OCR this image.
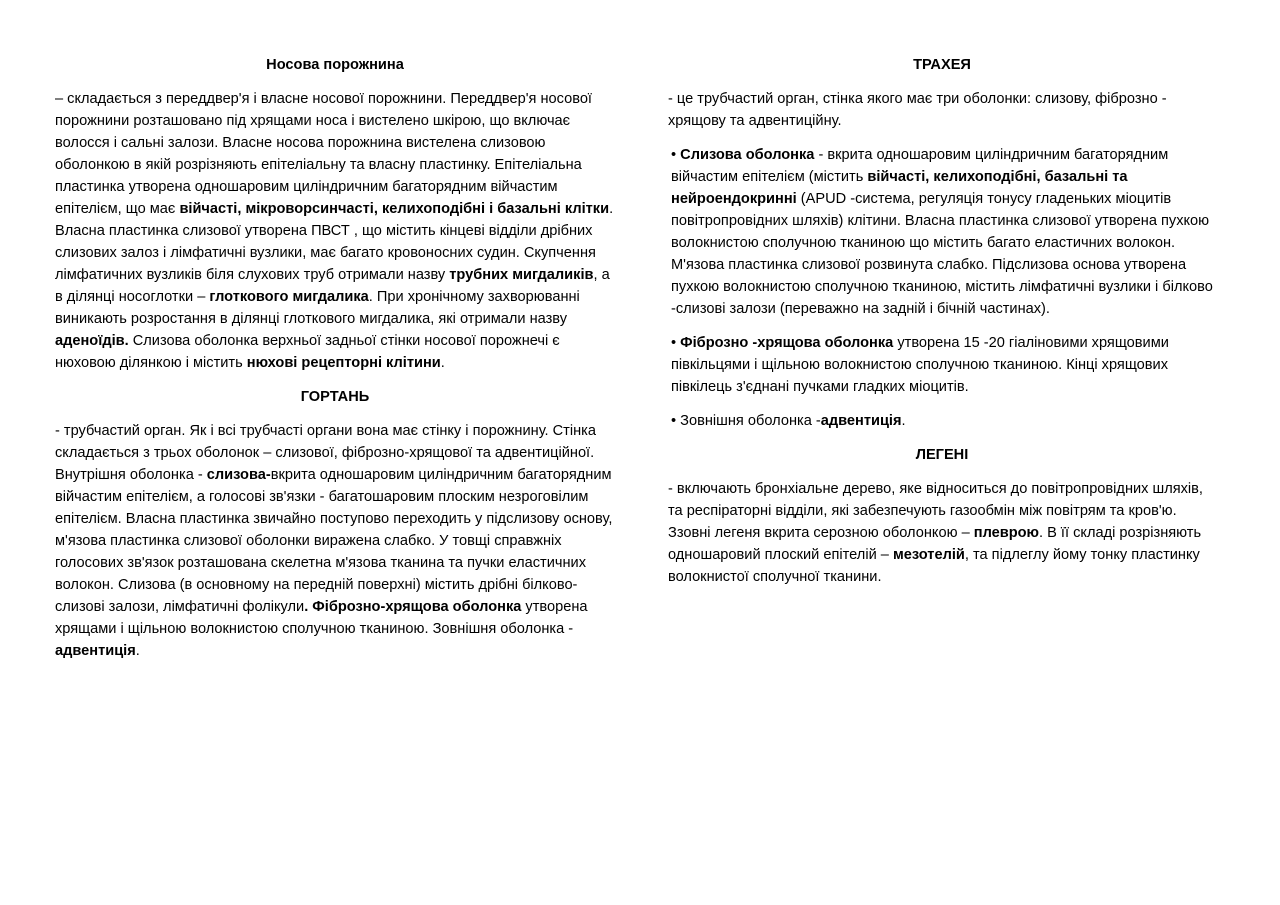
Носова порожнина
– складається з переддвер'я і власне носової порожнини. Переддвер'я носової порожнини розташовано під хрящами носа і вистелено шкірою, що включає волосся і сальні залози. Власне носова порожнина вистелена слизовою оболонкою в якій розрізняють епітеліальну та власну пластинку. Епітеліальна пластинка утворена одношаровим циліндричним багаторядним війчастим епітелієм, що має війчасті, мікроворсинчасті, келихоподібні і базальні клітки. Власна пластинка слизової утворена ПВСТ , що містить кінцеві відділи дрібних слизових залоз і лімфатичні вузлики, має багато кровоносних судин. Скупчення лімфатичних вузликів біля слухових труб отримали назву трубних мигдаликів, а в ділянці носоглотки – глоткового мигдалика. При хронічному захворюванні виникають розростання в ділянці глоткового мигдалика, які отримали назву аденоїдів. Слизова оболонка верхньої задньої стінки носової порожнечі є нюховою ділянкою і містить нюхові рецепторні клітини.
ГОРТАНЬ
- трубчастий орган. Як і всі трубчасті органи вона має стінку і порожнину. Стінка складається з трьох оболонок – слизової, фіброзно-хрящової та адвентиційної. Внутрішня оболонка - слизова-вкрита одношаровим циліндричним багаторядним війчастим епітелієм, а голосові зв'язки - багатошаровим плоским незроговілим епітелієм. Власна пластинка звичайно поступово переходить у підслизову основу, м'язова пластинка слизової оболонки виражена слабко. У товщі справжніх голосових зв'язок розташована скелетна м'язова тканина та пучки еластичних волокон. Слизова (в основному на передній поверхні) містить дрібні білково-слизові залози, лімфатичні фолікули. Фіброзно-хрящова оболонка утворена хрящами і щільною волокнистою сполучною тканиною. Зовнішня оболонка - адвентиція.
ТРАХЕЯ
- це трубчастий орган, стінка якого має три оболонки: слизову, фіброзно - хрящову та адвентиційну.
• Слизова оболонка - вкрита одношаровим циліндричним багаторядним війчастим епітелієм (містить війчасті, келихоподібні, базальні та нейроендокринні (APUD -система, регуляція тонусу гладеньких міоцитів повітропровідних шляхів) клітини. Власна пластинка слизової утворена пухкою волокнистою сполучною тканиною що містить багато еластичних волокон. М'язова пластинка слизової розвинута слабко. Підслизова основа утворена пухкою волокнистою сполучною тканиною, містить лімфатичні вузлики і білково -слизові залози (переважно на задній і бічній частинах).
• Фіброзно -хрящова оболонка утворена 15 -20 гіаліновими хрящовими півкільцями і щільною волокнистою сполучною тканиною. Кінці хрящових півкілець з'єднані пучками гладких міоцитів.
• Зовнішня оболонка -адвентиція.
ЛЕГЕНІ
- включають бронхіальне дерево, яке відноситься до повітропровідних шляхів, та респіраторні відділи, які забезпечують газообмін між повітрям та кров'ю. Ззовні легеня вкрита серозною оболонкою – плеврою. В її складі розрізняють одношаровий плоский епітелій – мезотелій, та підлеглу йому тонку пластинку волокнистої сполучної тканини.
